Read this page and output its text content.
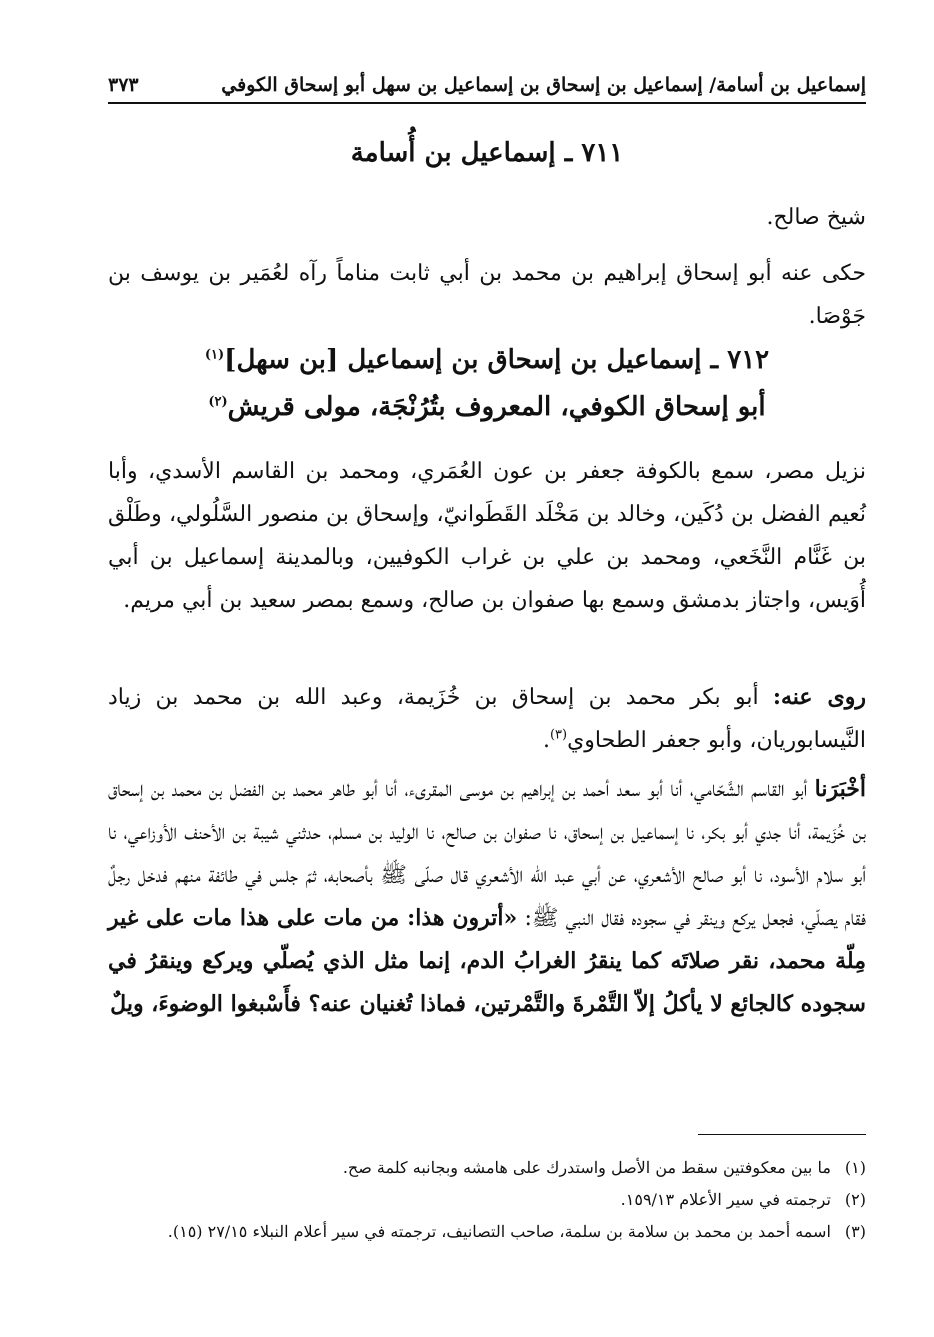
إسماعيل بن أسامة/ إسماعيل بن إسحاق بن إسماعيل بن سهل أبو إسحاق الكوفي
٣٧٣
٧١١ ـ إسماعيل بن أُسامة

شيخ صالح.

حكى عنه أبو إسحاق إبراهيم بن محمد بن أبي ثابت مناماً رآه لعُمَير بن يوسف بن جَوْصَا.

٧١٢ ـ إسماعيل بن إسحاق بن إسماعيل [بن سهل]$^{(١)}$
أبو إسحاق الكوفي، المعروف بتُرُنْجَة، مولى قريش$^{(٢)}$

نزيل مصر، سمع بالكوفة جعفر بن عون العُمَري، ومحمد بن القاسم الأسدي، وأبا نُعيم الفضل بن دُكَين، وخالد بن مَخْلَد القَطَوانيّ، وإسحاق بن منصور السَّلُولي، وطَلْق بن غَنَّام النَّخَعي، ومحمد بن علي بن غراب الكوفيين، وبالمدينة إسماعيل بن أبي أُوَيس، واجتاز بدمشق وسمع بها صفوان بن صالح، وسمع بمصر سعيد بن أبي مريم.

روى عنه: أبو بكر محمد بن إسحاق بن خُزَيمة، وعبد الله بن محمد بن زياد النَّيسابوريان، وأبو جعفر الطحاوي$^{(٣)}$.

أخْبَرَنا أبو القاسم الشَّحّامي، أنا أبو سعد أحمد بن إبراهيم بن موسى المقرىء، أنا أبو طاهر محمد بن الفضل بن محمد بن إسحاق بن خُزَيمة، أنا جدي أبو بكر، نا إسماعيل بن إسحاق، نا صفوان بن صالح، نا الوليد بن مسلم، حدثني شيبة بن الأحنف الأوزاعي، نا أبو سلام الأسود، نا أبو صالح الأشعري، عن أبي عبد الله الأشعري قال صلّى ﷺ بأصحابه، ثمّ جلس في طائفة منهم فدخل رجلٌ فقام يصلّي، فجعل يركع وينقر في سجوده فقال النبي ﷺ: «أترون هذا: من مات على هذا مات على غير مِلّة محمد، نقر صلاتَه كما ينقرُ الغرابُ الدم، إنما مثل الذي يُصلّي ويركع وينقرُ في سجوده كالجائع لا يأكلُ إلاّ التَّمْرةَ والتَّمْرتين، فماذا تُغنيان عنه؟ فأَسْبغوا الوضوءَ، ويلٌ

(١)
ما بين معكوفتين سقط من الأصل واستدرك على هامشه وبجانبه كلمة صح.
(٢)
ترجمته في سير الأعلام ١٥٩/١٣.
(٣)
اسمه أحمد بن محمد بن سلامة بن سلمة، صاحب التصانيف، ترجمته في سير أعلام النبلاء ٢٧/١٥ (١٥).
